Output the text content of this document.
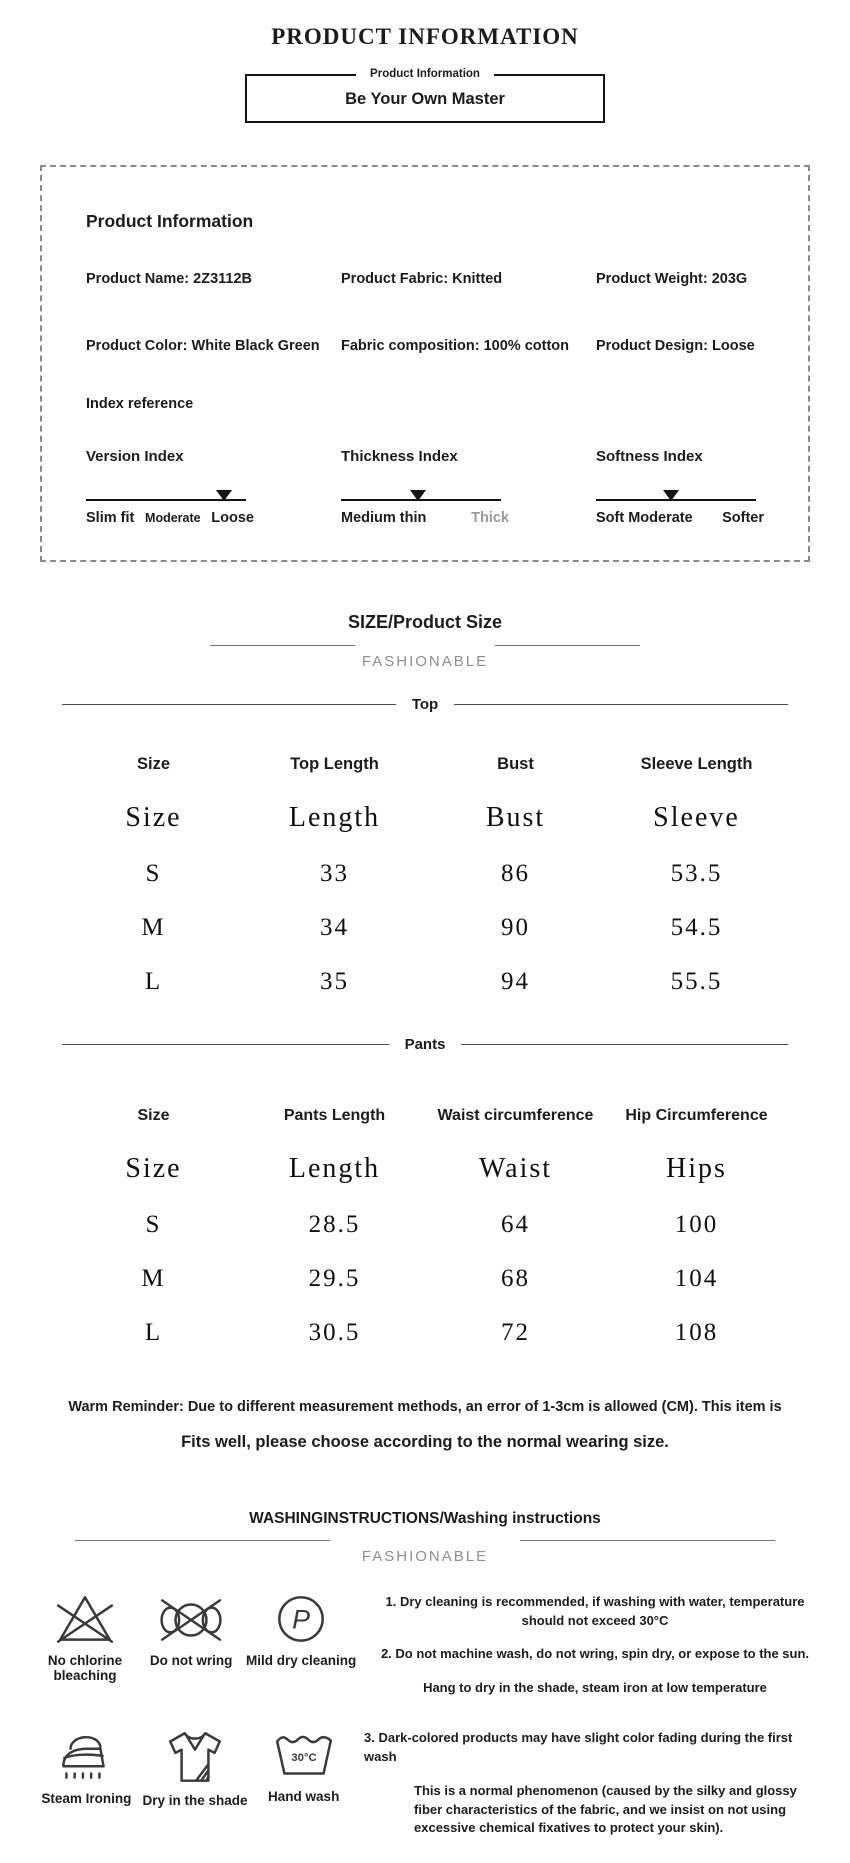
PRODUCT INFORMATION
Product Information
Be Your Own Master
Product Information
Product Name: 2Z3112B	Product Fabric: Knitted	Product Weight: 203G
Product Color: White Black Green	Fabric composition: 100% cotton	Product Design: Loose
Index reference
Version Index
Slim fit Moderate Loose
Thickness Index
Medium thin	Thick
Softness Index
Soft Moderate Softer
SIZE/Product Size
FASHIONABLE
Top
Size	Top Length	Bust	Sleeve Length
Size	Length	Bust	Sleeve
S	33	86	53.5
M	34	90	54.5
L	35	94	55.5
Pants
Size	Pants Length	Waist circumference	Hip Circumference
Size	Length	Waist	Hips
S	28.5	64	100
M	29.5	68	104
L	30.5	72	108
Warm Reminder: Due to different measurement methods, an error of 1-3cm is allowed (CM). This item is
Fits well, please choose according to the normal wearing size.
WASHINGINSTRUCTIONS/Washing instructions
FASHIONABLE
No chlorine bleaching
Do not wring
P
Mild dry cleaning

1. Dry cleaning is recommended, if washing with water, temperature should not exceed 30°C

2. Do not machine wash, do not wring, spin dry, or expose to the sun.

Hang to dry in the shade, steam iron at low temperature

Steam Ironing Dry in the shade
30°C
Hand wash

3. Dark-colored products may have slight color fading during the first wash

This is a normal phenomenon (caused by the silky and glossy fiber characteristics of the fabric, and we insist on not using excessive chemical fixatives to protect your skin).
